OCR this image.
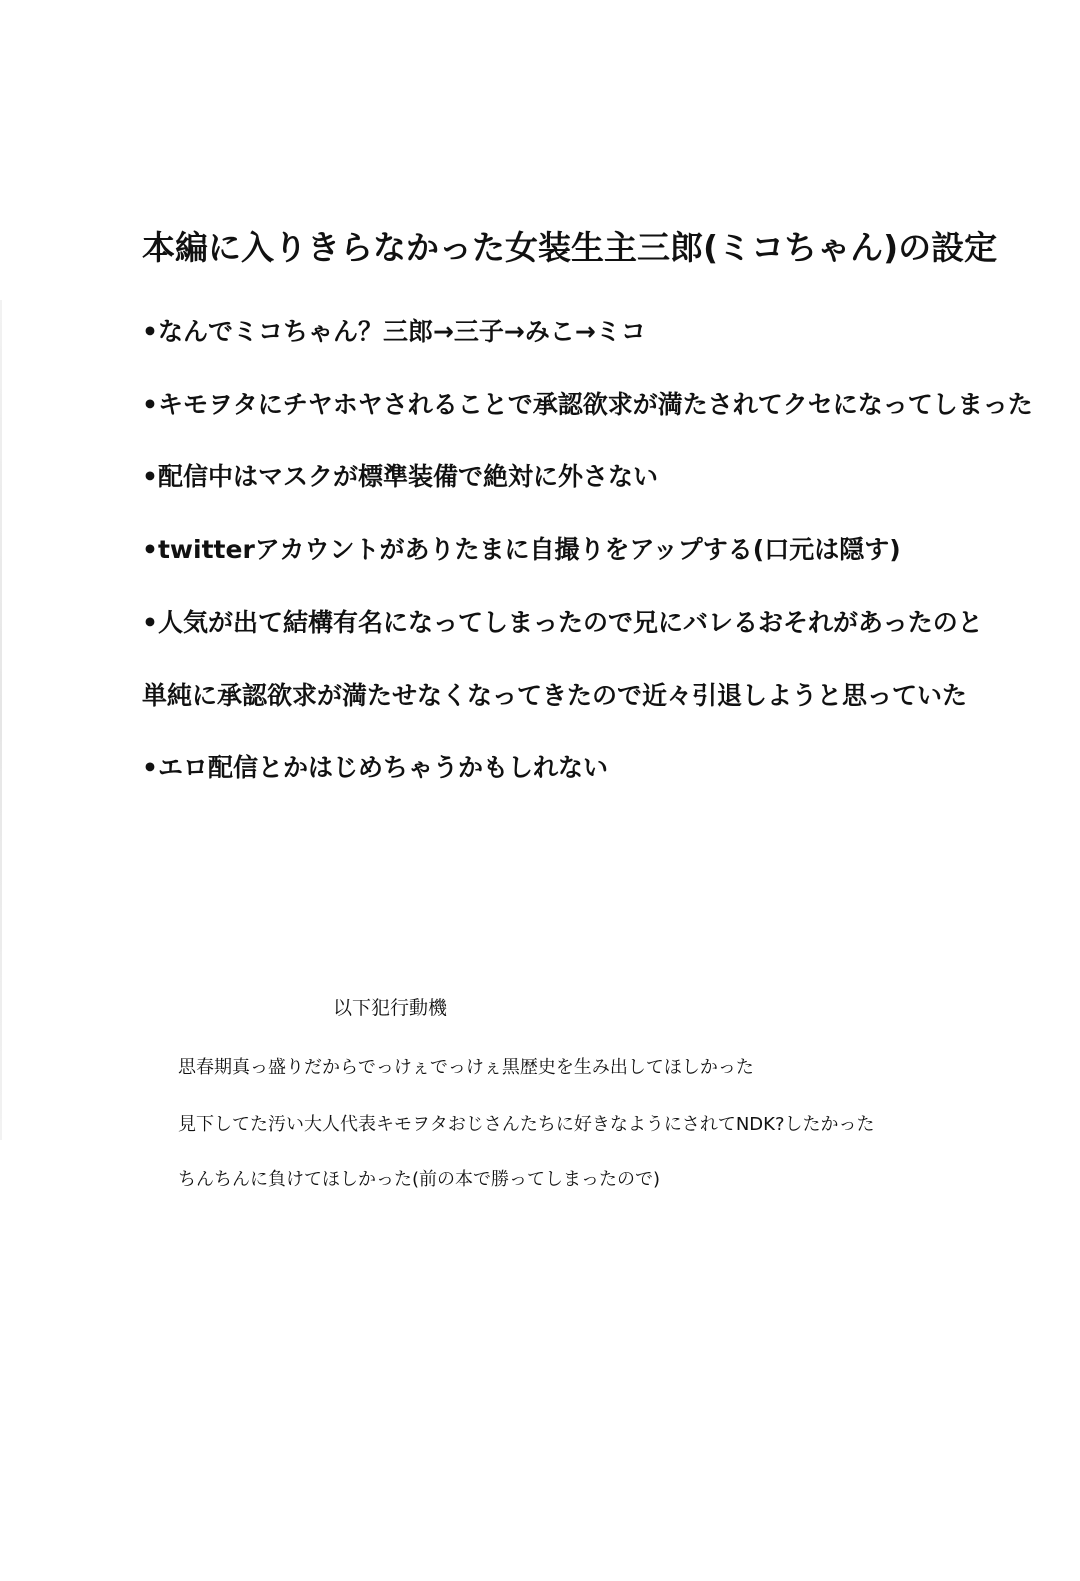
本編に入りきらなかった女装生主三郎(ミコちゃん)の設定
•なんでミコちゃん？三郎→三子→みこ→ミコ
•キモヲタにチヤホヤされることで承認欲求が満たされてクセになってしまった
•配信中はマスクが標準装備で絶対に外さない
•twitterアカウントがありたまに自撮りをアップする(口元は隠す)
•人気が出て結構有名になってしまったので兄にバレるおそれがあったのと
単純に承認欲求が満たせなくなってきたので近々引退しようと思っていた
•エロ配信とかはじめちゃうかもしれない
以下犯行動機
思春期真っ盛りだからでっけぇでっけぇ黒歴史を生み出してほしかった
見下してた汚い大人代表キモヲタおじさんたちに好きなようにされてNDK?したかった
ちんちんに負けてほしかった(前の本で勝ってしまったので)
